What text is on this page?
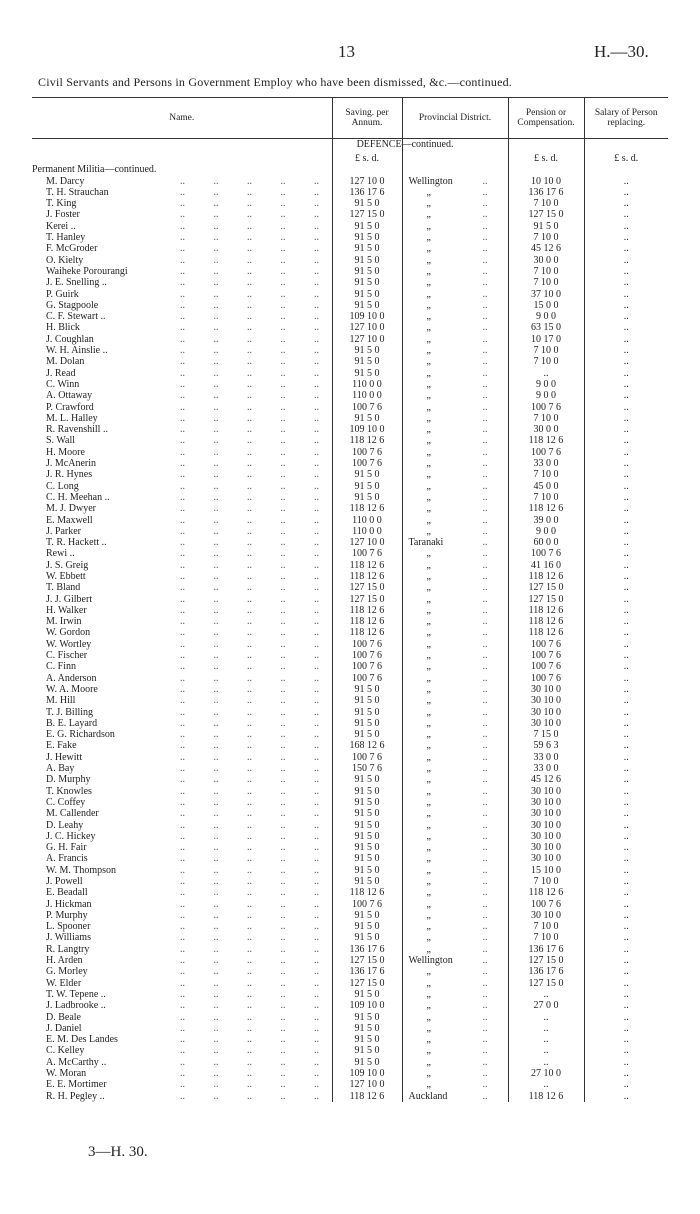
13	H.—30.
Civil Servants and Persons in Government Employ who have been dismissed, &c.—continued.
Name.	Saving. per Annum.	Provincial District.	Pension or Compensation.	Salary of Person replacing.
DEFENCE—continued.				
	£ s. d.		£ s. d.	£ s. d.
Permanent Militia—continued.				
M. Darcy .. .. .. .. ..	127 10 0	Wellington ..	10 10 0	..
T. H. Strauchan .. .. .. .. ..	136 17 6	„ ..	136 17 6	..
T. King .. .. .. .. ..	91 5 0	„ ..	7 10 0	..
J. Foster .. .. .. .. ..	127 15 0	„ ..	127 15 0	..
Kerei .. .. .. .. .. ..	91 5 0	„ ..	91 5 0	..
T. Hanley .. .. .. .. ..	91 5 0	„ ..	7 10 0	..
F. McGroder .. .. .. .. ..	91 5 0	„ ..	45 12 6	..
O. Kielty .. .. .. .. ..	91 5 0	„ ..	30 0 0	..
Waiheke Porourangi .. .. .. .. ..	91 5 0	„ ..	7 10 0	..
J. E. Snelling .. .. .. .. .. ..	91 5 0	„ ..	7 10 0	..
P. Guirk .. .. .. .. ..	91 5 0	„ ..	37 10 0	..
G. Stagpoole .. .. .. .. ..	91 5 0	„ ..	15 0 0	..
C. F. Stewart .. .. .. .. .. ..	109 10 0	„ ..	9 0 0	..
H. Blick .. .. .. .. ..	127 10 0	„ ..	63 15 0	..
J. Coughlan .. .. .. .. ..	127 10 0	„ ..	10 17 0	..
W. H. Ainslie .. .. .. .. .. ..	91 5 0	„ ..	7 10 0	..
M. Dolan .. .. .. .. ..	91 5 0	„ ..	7 10 0	..
J. Read .. .. .. .. ..	91 5 0	„ ..	..	..
C. Winn .. .. .. .. ..	110 0 0	„ ..	9 0 0	..
A. Ottaway .. .. .. .. ..	110 0 0	„ ..	9 0 0	..
P. Crawford .. .. .. .. ..	100 7 6	„ ..	100 7 6	..
M. L. Halley .. .. .. .. ..	91 5 0	„ ..	7 10 0	..
R. Ravenshill .. .. .. .. .. ..	109 10 0	„ ..	30 0 0	..
S. Wall .. .. .. .. ..	118 12 6	„ ..	118 12 6	..
H. Moore .. .. .. .. ..	100 7 6	„ ..	100 7 6	..
J. McAnerin .. .. .. .. ..	100 7 6	„ ..	33 0 0	..
J. R. Hynes .. .. .. .. ..	91 5 0	„ ..	7 10 0	..
C. Long .. .. .. .. ..	91 5 0	„ ..	45 0 0	..
C. H. Meehan .. .. .. .. .. ..	91 5 0	„ ..	7 10 0	..
M. J. Dwyer .. .. .. .. ..	118 12 6	„ ..	118 12 6	..
E. Maxwell .. .. .. .. ..	110 0 0	„ ..	39 0 0	..
J. Parker .. .. .. .. ..	110 0 0	„ ..	9 0 0	..
T. R. Hackett .. .. .. .. .. ..	127 10 0	Taranaki ..	60 0 0	..
Rewi .. .. .. .. .. ..	100 7 6	„ ..	100 7 6	..
J. S. Greig .. .. .. .. ..	118 12 6	„ ..	41 16 0	..
W. Ebbett .. .. .. .. ..	118 12 6	„ ..	118 12 6	..
T. Bland .. .. .. .. ..	127 15 0	„ ..	127 15 0	..
J. J. Gilbert .. .. .. .. ..	127 15 0	„ ..	127 15 0	..
H. Walker .. .. .. .. ..	118 12 6	„ ..	118 12 6	..
M. Irwin .. .. .. .. ..	118 12 6	„ ..	118 12 6	..
W. Gordon .. .. .. .. ..	118 12 6	„ ..	118 12 6	..
W. Wortley .. .. .. .. ..	100 7 6	„ ..	100 7 6	..
C. Fischer .. .. .. .. ..	100 7 6	„ ..	100 7 6	..
C. Finn .. .. .. .. ..	100 7 6	„ ..	100 7 6	..
A. Anderson .. .. .. .. ..	100 7 6	„ ..	100 7 6	..
W. A. Moore .. .. .. .. ..	91 5 0	„ ..	30 10 0	..
M. Hill .. .. .. .. ..	91 5 0	„ ..	30 10 0	..
T. J. Billing .. .. .. .. ..	91 5 0	„ ..	30 10 0	..
B. E. Layard .. .. .. .. ..	91 5 0	„ ..	30 10 0	..
E. G. Richardson .. .. .. .. ..	91 5 0	„ ..	7 15 0	..
E. Fake .. .. .. .. ..	168 12 6	„ ..	59 6 3	..
J. Hewitt .. .. .. .. ..	100 7 6	„ ..	33 0 0	..
A. Bay .. .. .. .. ..	150 7 6	„ ..	33 0 0	..
D. Murphy .. .. .. .. ..	91 5 0	„ ..	45 12 6	..
T. Knowles .. .. .. .. ..	91 5 0	„ ..	30 10 0	..
C. Coffey .. .. .. .. ..	91 5 0	„ ..	30 10 0	..
M. Callender .. .. .. .. ..	91 5 0	„ ..	30 10 0	..
D. Leahy .. .. .. .. ..	91 5 0	„ ..	30 10 0	..
J. C. Hickey .. .. .. .. ..	91 5 0	„ ..	30 10 0	..
G. H. Fair .. .. .. .. ..	91 5 0	„ ..	30 10 0	..
A. Francis .. .. .. .. ..	91 5 0	„ ..	30 10 0	..
W. M. Thompson .. .. .. .. ..	91 5 0	„ ..	15 10 0	..
J. Powell .. .. .. .. ..	91 5 0	„ ..	7 10 0	..
E. Beadall .. .. .. .. ..	118 12 6	„ ..	118 12 6	..
J. Hickman .. .. .. .. ..	100 7 6	„ ..	100 7 6	..
P. Murphy .. .. .. .. ..	91 5 0	„ ..	30 10 0	..
L. Spooner .. .. .. .. ..	91 5 0	„ ..	7 10 0	..
J. Williams .. .. .. .. ..	91 5 0	„ ..	7 10 0	..
R. Langtry .. .. .. .. ..	136 17 6	„ ..	136 17 6	..
H. Arden .. .. .. .. ..	127 15 0	Wellington ..	127 15 0	..
G. Morley .. .. .. .. ..	136 17 6	„ ..	136 17 6	..
W. Elder .. .. .. .. ..	127 15 0	„ ..	127 15 0	..
T. W. Tepene .. .. .. .. .. ..	91 5 0	„ ..	..	..
J. Ladbrooke .. .. .. .. .. ..	109 10 0	„ ..	27 0 0	..
D. Beale .. .. .. .. ..	91 5 0	„ ..	..	..
J. Daniel .. .. .. .. ..	91 5 0	„ ..	..	..
E. M. Des Landes .. .. .. .. ..	91 5 0	„ ..	..	..
C. Kelley .. .. .. .. ..	91 5 0	„ ..	..	..
A. McCarthy .. .. .. .. .. ..	91 5 0	„ ..	..	..
W. Moran .. .. .. .. ..	109 10 0	„ ..	27 10 0	..
E. E. Mortimer .. .. .. .. ..	127 10 0	„ ..	..	..
R. H. Pegley .. .. .. .. .. ..	118 12 6	Auckland ..	118 12 6	..
3—H. 30.
